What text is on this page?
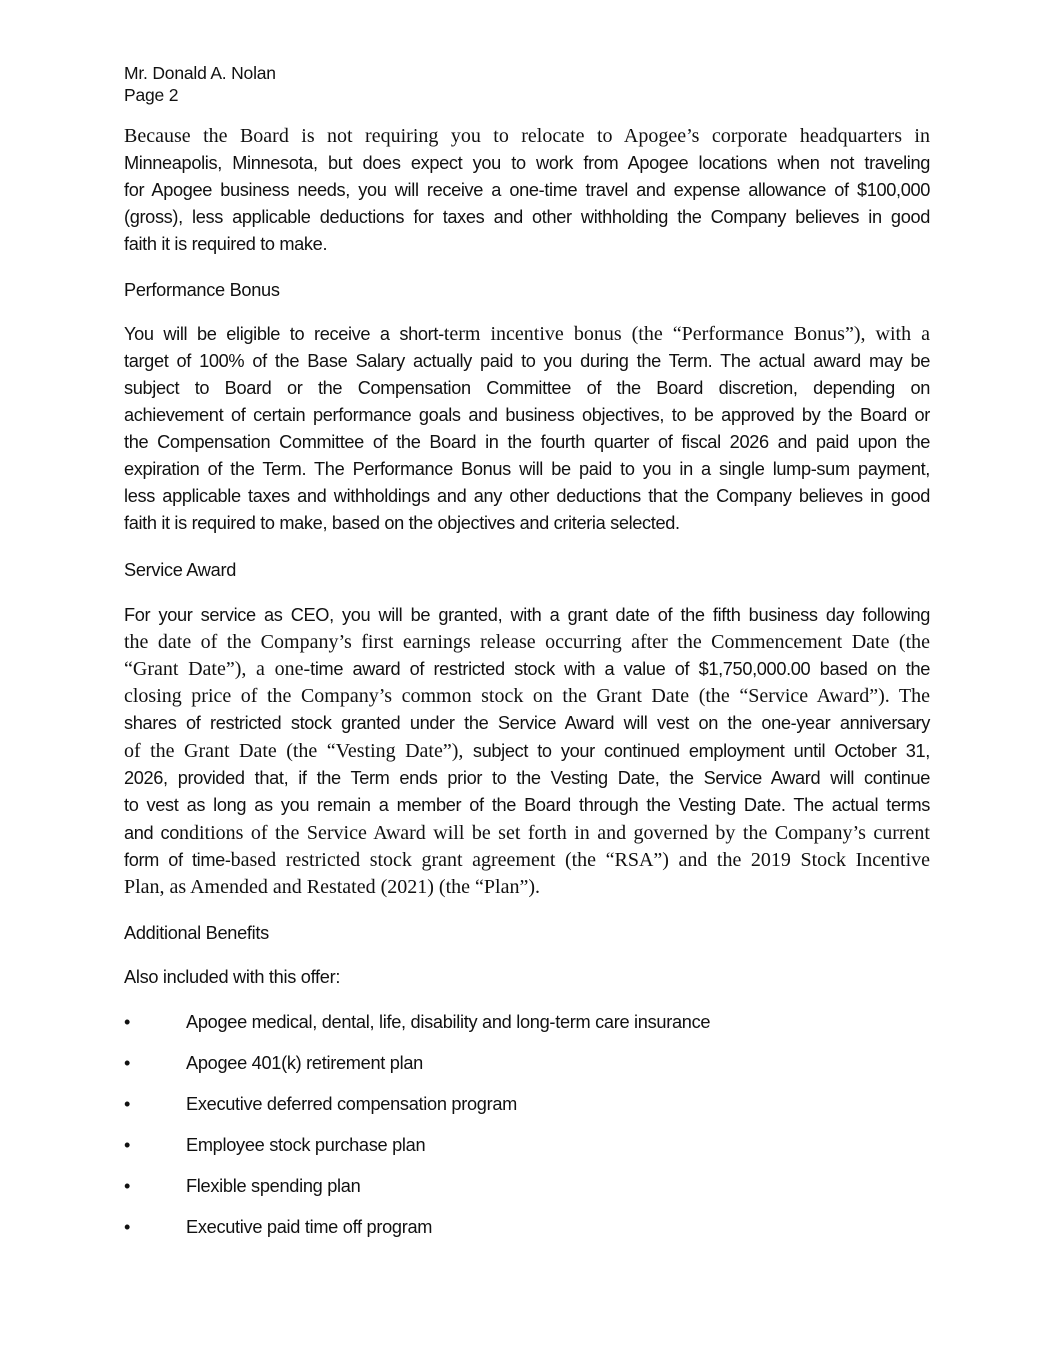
Mr. Donald A. Nolan
Page 2
Because the Board is not requiring you to relocate to Apogee’s corporate headquarters in
Minneapolis, Minnesota, but does expect you to work from Apogee locations when not traveling
for Apogee business needs, you will receive a one-time travel and expense allowance of $100,000
(gross), less applicable deductions for taxes and other withholding the Company believes in good
faith it is required to make.
Performance Bonus
You will be eligible to receive a short-term incentive bonus (the “Performance Bonus”), with a
target of 100% of the Base Salary actually paid to you during the Term. The actual award may be
subject to Board or the Compensation Committee of the Board discretion, depending on
achievement of certain performance goals and business objectives, to be approved by the Board or
the Compensation Committee of the Board in the fourth quarter of fiscal 2026 and paid upon the
expiration of the Term. The Performance Bonus will be paid to you in a single lump-sum payment,
less applicable taxes and withholdings and any other deductions that the Company believes in good
faith it is required to make, based on the objectives and criteria selected.
Service Award
For your service as CEO, you will be granted, with a grant date of the fifth business day following
the date of the Company’s first earnings release occurring after the Commencement Date (the
“Grant Date”), a one-time award of restricted stock with a value of $1,750,000.00 based on the
closing price of the Company’s common stock on the Grant Date (the “Service Award”). The
shares of restricted stock granted under the Service Award will vest on the one-year anniversary
of the Grant Date (the “Vesting Date”), subject to your continued employment until October 31,
2026, provided that, if the Term ends prior to the Vesting Date, the Service Award will continue
to vest as long as you remain a member of the Board through the Vesting Date. The actual terms
and conditions of the Service Award will be set forth in and governed by the Company’s current
form of time-based restricted stock grant agreement (the “RSA”) and the 2019 Stock Incentive
Plan, as Amended and Restated (2021) (the “Plan”).
Additional Benefits
Also included with this offer:
•	Apogee medical, dental, life, disability and long-term care insurance
•	Apogee 401(k) retirement plan
•	Executive deferred compensation program
•	Employee stock purchase plan
•	Flexible spending plan
•	Executive paid time off program
